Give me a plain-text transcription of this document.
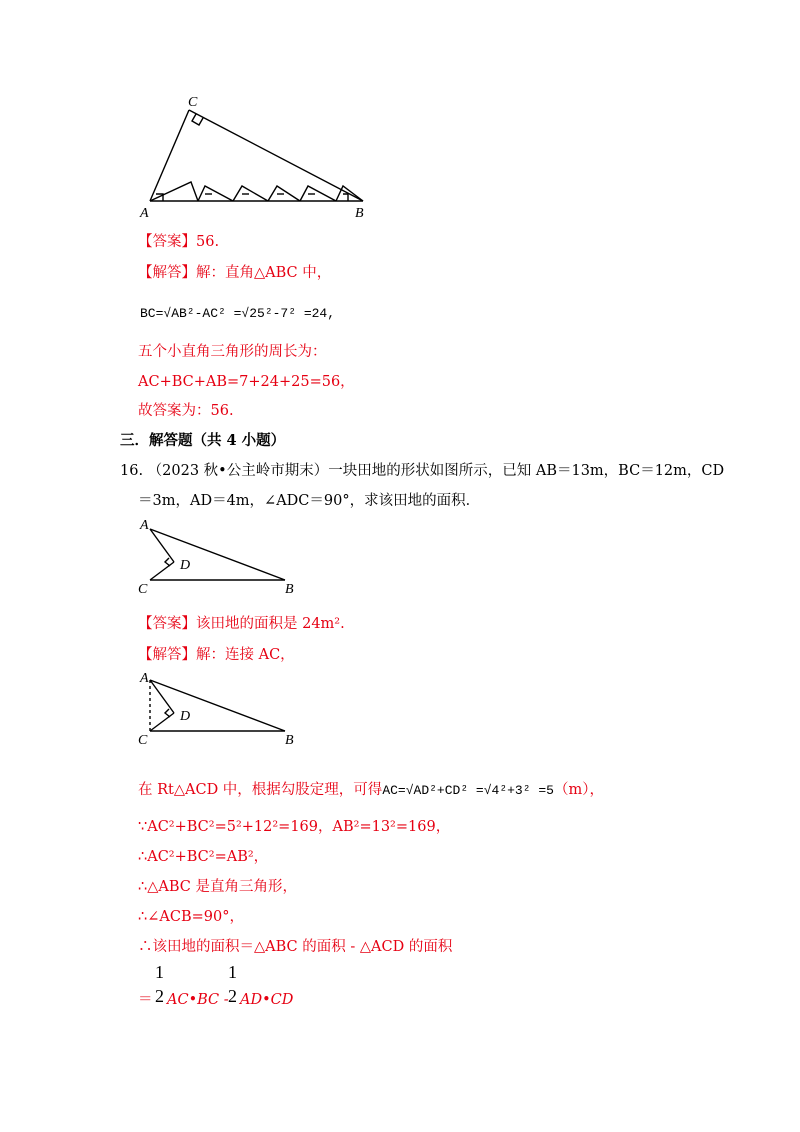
C
A	B
【答案】56.
【解答】解：直角△ABC 中，
BC=√AB²-AC² =√25²-7² =24,
五个小直角三角形的周长为：
AC+BC+AB=7+24+25=56，
故答案为：56.
三．解答题（共 4 小题）
16. （2023 秋•公主岭市期末）一块田地的形状如图所示，已知 AB＝13m，BC＝12m，CD
＝3m，AD＝4m，∠ADC＝90°，求该田地的面积．
A
D
C	B
【答案】该田地的面积是 24m².
【解答】解：连接 AC，
A
D
C	B
在 Rt△ACD 中，根据勾股定理，可得AC=√AD²+CD² =√4²+3² =5（m），
∵AC²+BC²=5²+12²=169，AB²=13²=169，
∴AC²+BC²=AB²，
∴△ABC 是直角三角形，
∴∠ACB=90°，
∴该田地的面积＝△ABC 的面积 - △ACD 的面积
＝
1
2 AC•BC -
1
2 AD•CD
